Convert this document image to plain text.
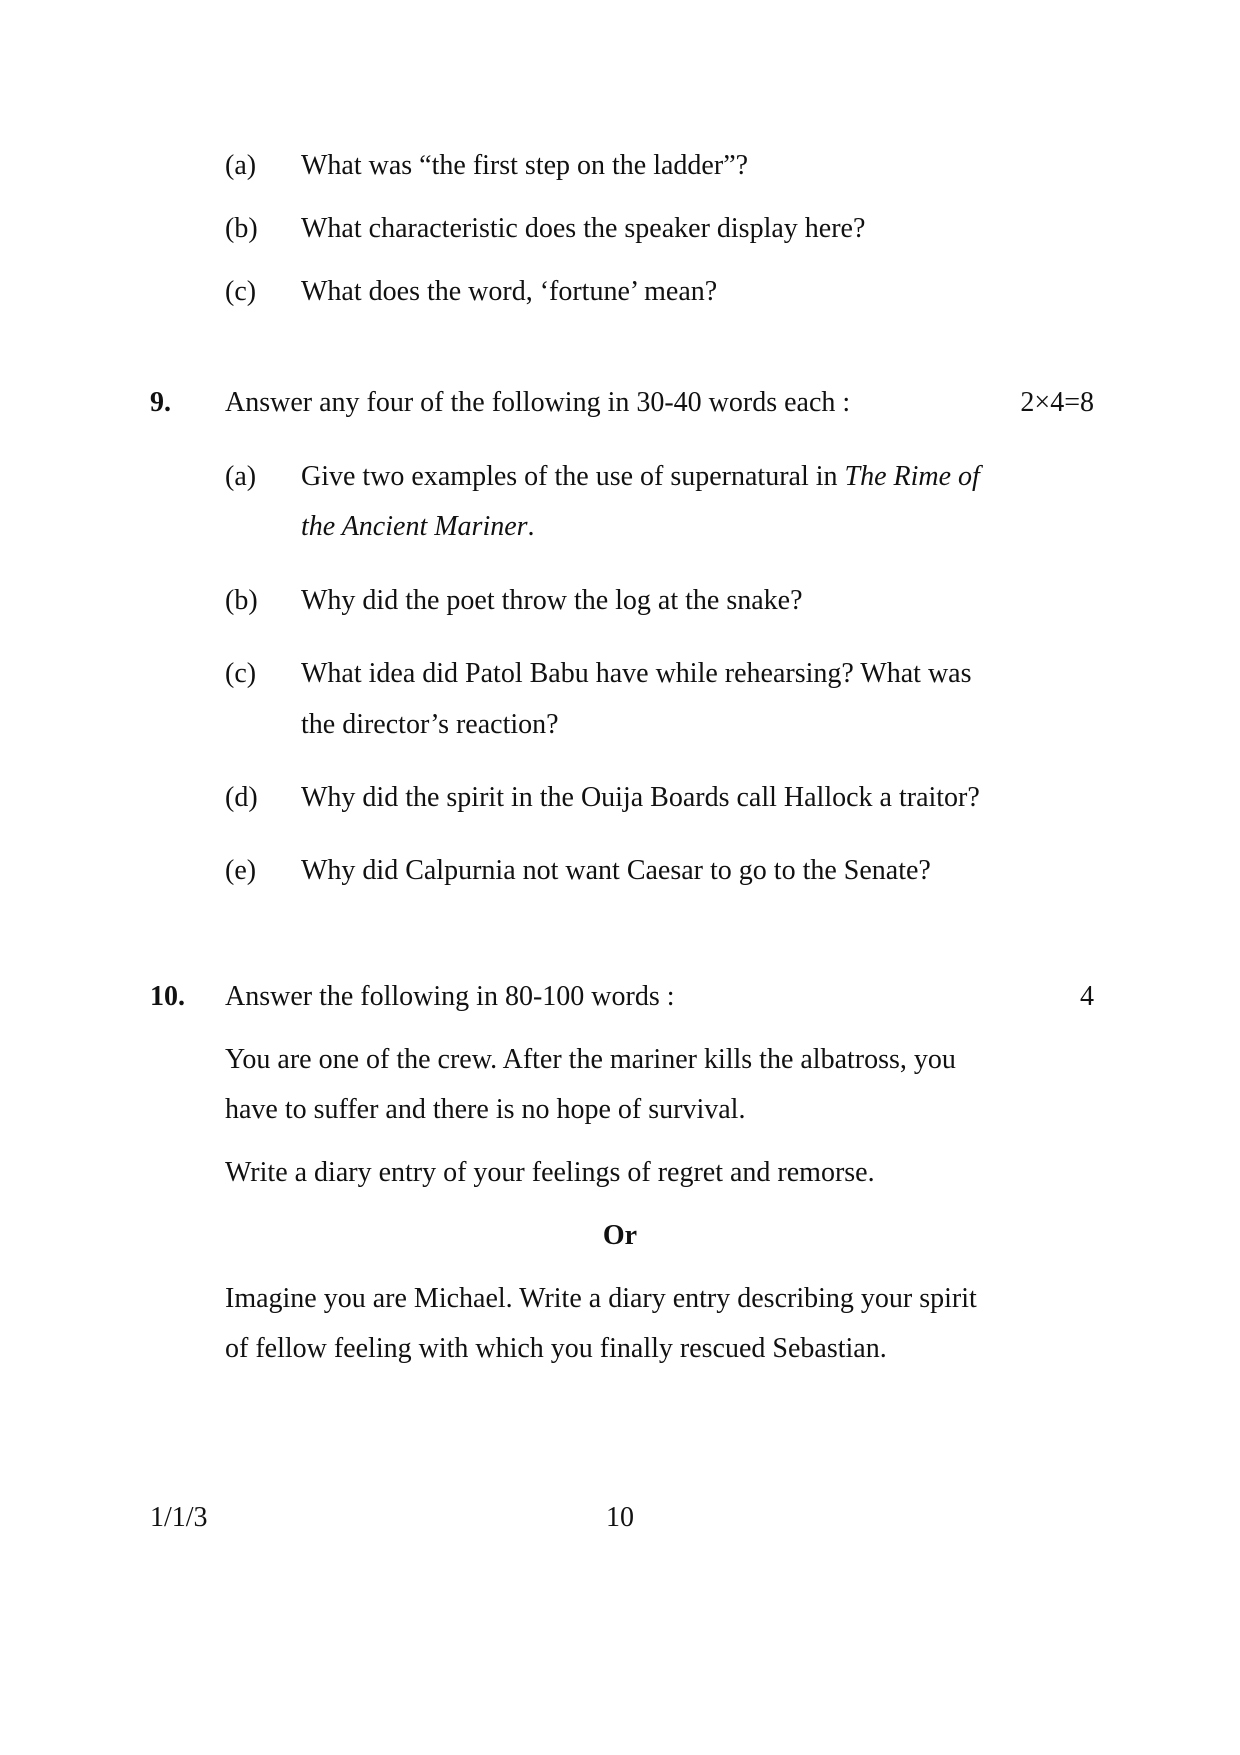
(a) What was “the first step on the ladder”?
(b) What characteristic does the speaker display here?
(c) What does the word, ‘fortune’ mean?
9. Answer any four of the following in 30-40 words each :	2×4=8
(a) Give two examples of the use of supernatural in The Rime of
the Ancient Mariner.
(b) Why did the poet throw the log at the snake?
(c) What idea did Patol Babu have while rehearsing? What was
the director’s reaction?
(d) Why did the spirit in the Ouija Boards call Hallock a traitor?
(e) Why did Calpurnia not want Caesar to go to the Senate?
10. Answer the following in 80-100 words :	4
You are one of the crew. After the mariner kills the albatross, you
have to suffer and there is no hope of survival.
Write a diary entry of your feelings of regret and remorse.
Or
Imagine you are Michael. Write a diary entry describing your spirit
of fellow feeling with which you finally rescued Sebastian.
1/1/3	10
